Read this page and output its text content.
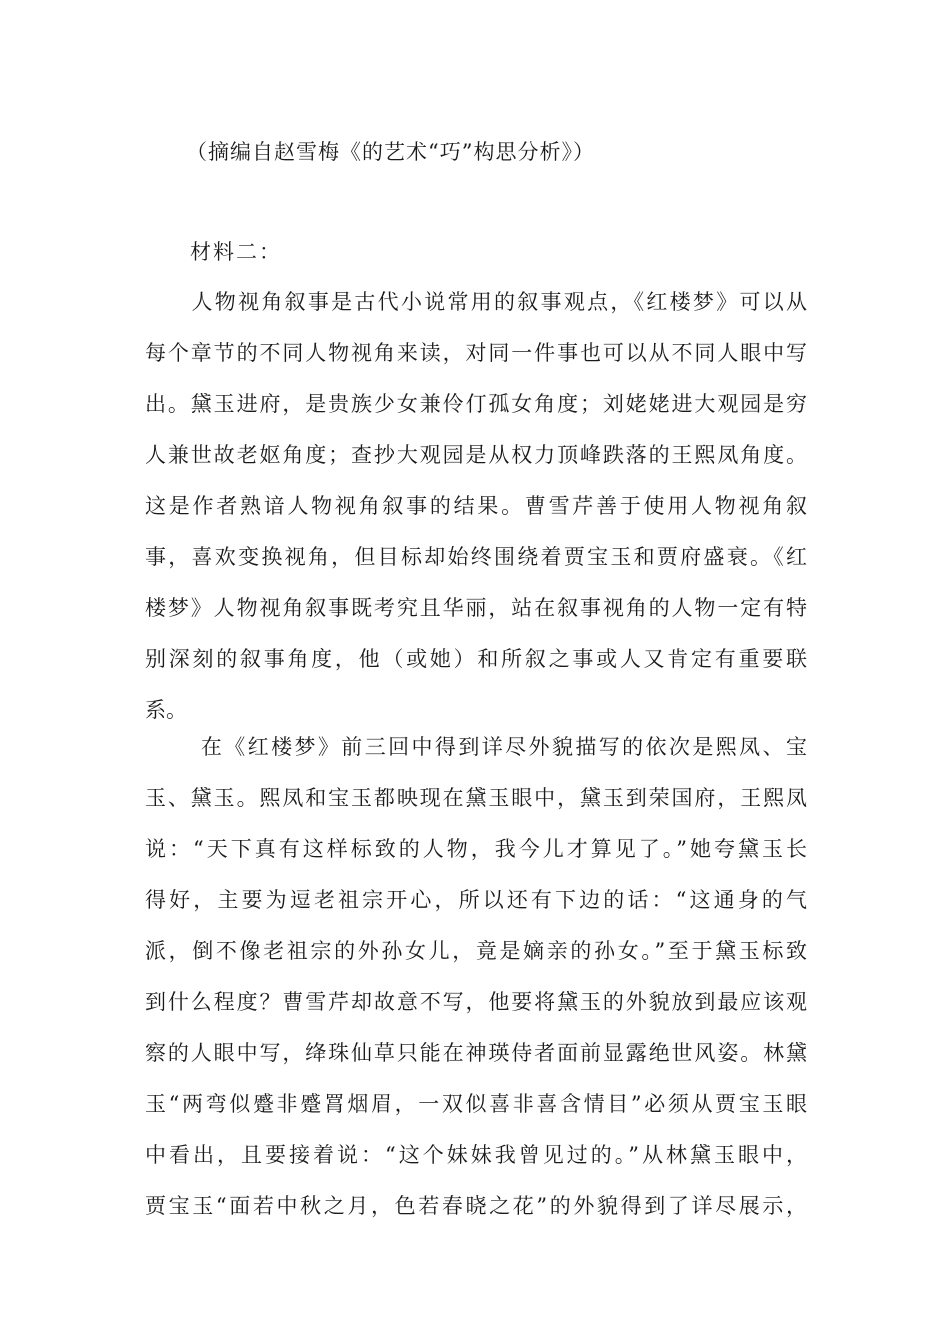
（摘编自赵雪梅《的艺术“巧”构思分析》）
材料二：
　　人物视角叙事是古代小说常用的叙事观点，《红楼梦》可以从
每个章节的不同人物视角来读，对同一件事也可以从不同人眼中写
出。黛玉进府，是贵族少女兼伶仃孤女角度；刘姥姥进大观园是穷
人兼世故老妪角度；查抄大观园是从权力顶峰跌落的王熙凤角度。
这是作者熟谙人物视角叙事的结果。曹雪芹善于使用人物视角叙
事，喜欢变换视角，但目标却始终围绕着贾宝玉和贾府盛衰。《红
楼梦》人物视角叙事既考究且华丽，站在叙事视角的人物一定有特
别深刻的叙事角度，他（或她）和所叙之事或人又肯定有重要联
系。
　　 在《红楼梦》前三回中得到详尽外貌描写的依次是熙凤、宝
玉、黛玉。熙凤和宝玉都映现在黛玉眼中，黛玉到荣国府，王熙凤
说：“天下真有这样标致的人物，我今儿才算见了。”她夸黛玉长
得好，主要为逗老祖宗开心，所以还有下边的话：“这通身的气
派，倒不像老祖宗的外孙女儿，竟是嫡亲的孙女。”至于黛玉标致
到什么程度？曹雪芹却故意不写，他要将黛玉的外貌放到最应该观
察的人眼中写，绛珠仙草只能在神瑛侍者面前显露绝世风姿。林黛
玉“两弯似蹙非蹙罥烟眉，一双似喜非喜含情目”必须从贾宝玉眼
中看出，且要接着说：“这个妹妹我曾见过的。”从林黛玉眼中，
贾宝玉“面若中秋之月，色若春晓之花”的外貌得到了详尽展示，
